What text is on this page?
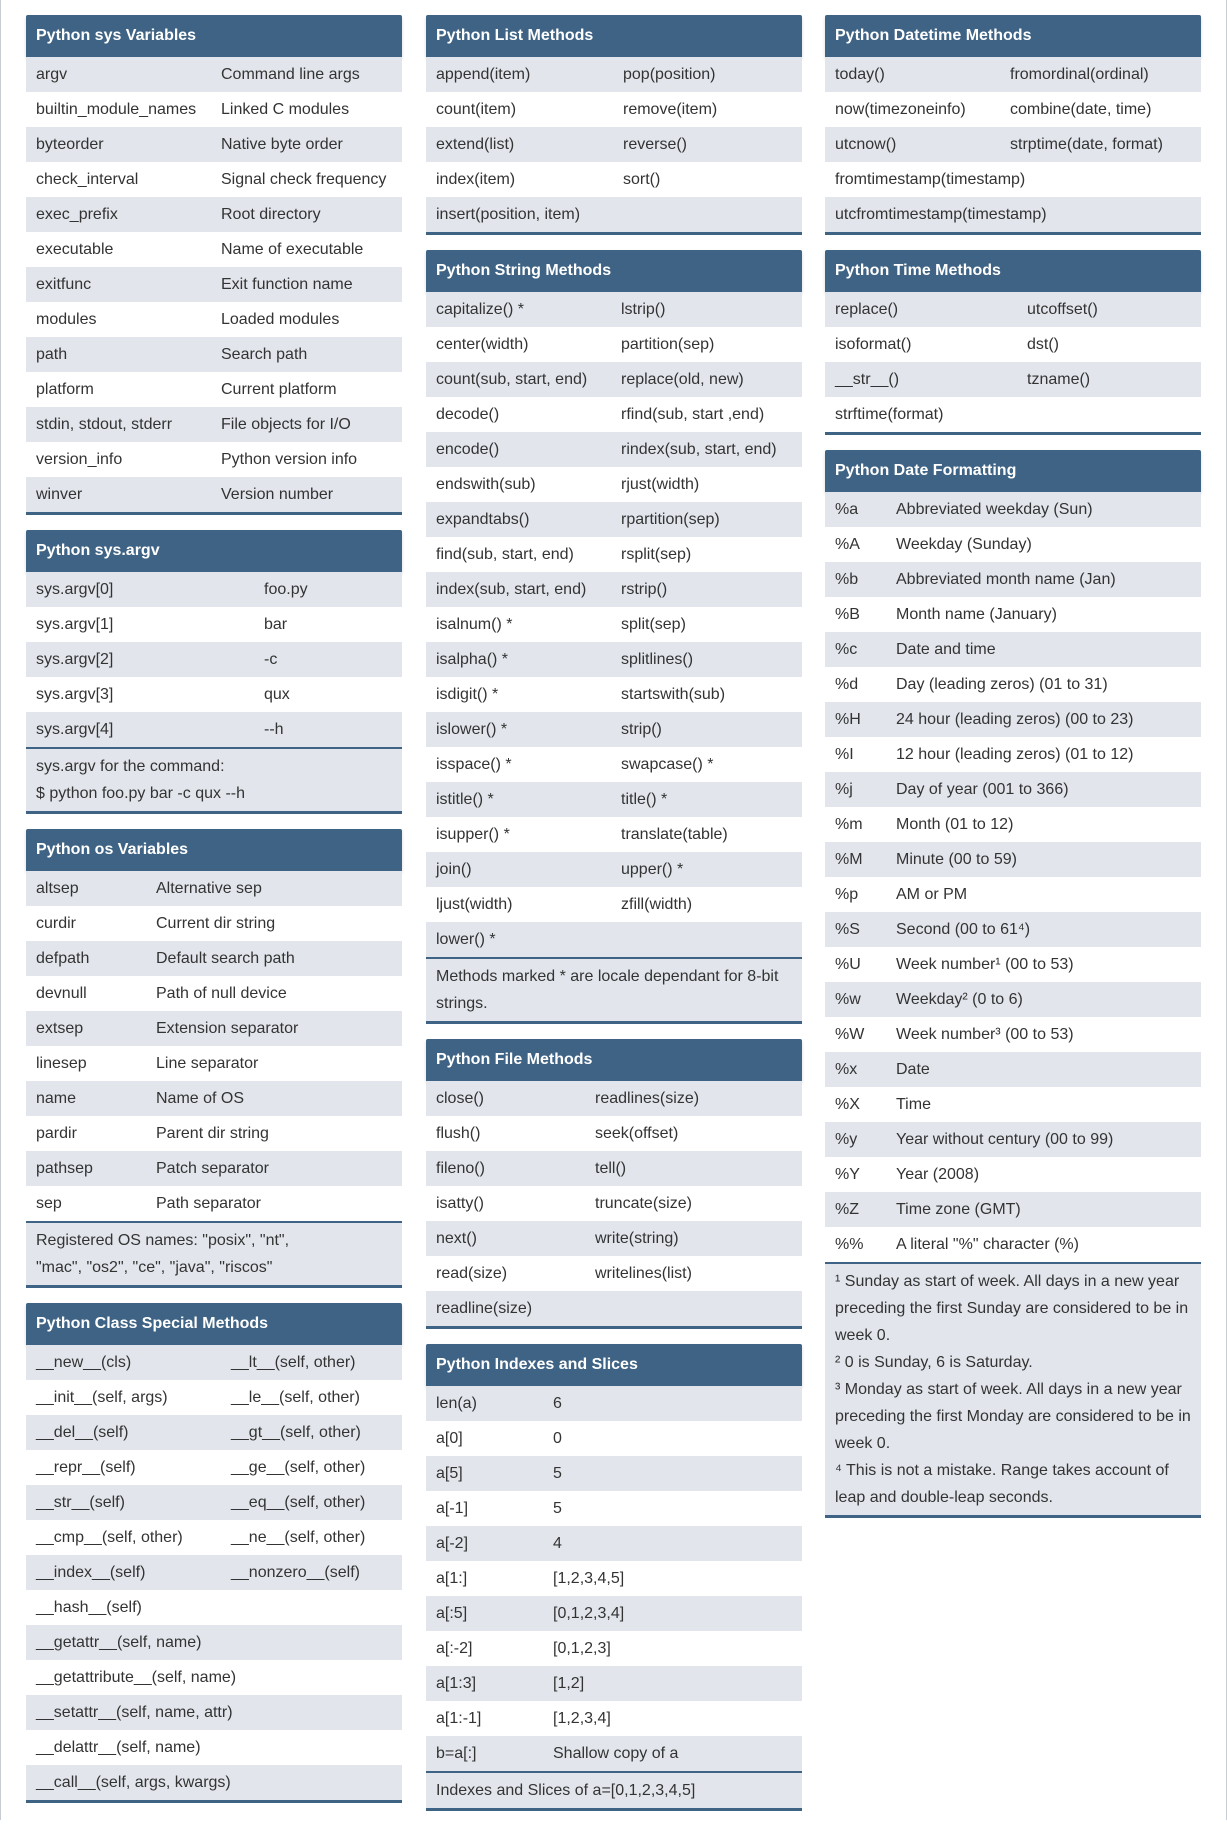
Python sys Variables
argv	Command line args
builtin_module_names	Linked C modules
byteorder	Native byte order
check_interval	Signal check frequency
exec_prefix	Root directory
executable	Name of executable
exitfunc	Exit function name
modules	Loaded modules
path	Search path
platform	Current platform
stdin, stdout, stderr	File objects for I/O
version_info	Python version info
winver	Version number
Python sys.argv
sys.argv[0]	foo.py
sys.argv[1]	bar
sys.argv[2]	-c
sys.argv[3]	qux
sys.argv[4]	--h

sys.argv for the command:

$ python foo.py bar -c qux --h

Python os Variables
altsep	Alternative sep
curdir	Current dir string
defpath	Default search path
devnull	Path of null device
extsep	Extension separator
linesep	Line separator
name	Name of OS
pardir	Parent dir string
pathsep	Patch separator
sep	Path separator

Registered OS names: "posix", "nt",

"mac", "os2", "ce", "java", "riscos"

Python Class Special Methods
__new__(cls)	__lt__(self, other)
__init__(self, args)	__le__(self, other)
__del__(self)	__gt__(self, other)
__repr__(self)	__ge__(self, other)
__str__(self)	__eq__(self, other)
__cmp__(self, other)	__ne__(self, other)
__index__(self)	__nonzero__(self)
__hash__(self)
__getattr__(self, name)
__getattribute__(self, name)
__setattr__(self, name, attr)
__delattr__(self, name)
__call__(self, args, kwargs)
Python List Methods
append(item)	pop(position)
count(item)	remove(item)
extend(list)	reverse()
index(item)	sort()
insert(position, item)
Python String Methods
capitalize() *	lstrip()
center(width)	partition(sep)
count(sub, start, end)	replace(old, new)
decode()	rfind(sub, start ,end)
encode()	rindex(sub, start, end)
endswith(sub)	rjust(width)
expandtabs()	rpartition(sep)
find(sub, start, end)	rsplit(sep)
index(sub, start, end)	rstrip()
isalnum() *	split(sep)
isalpha() *	splitlines()
isdigit() *	startswith(sub)
islower() *	strip()
isspace() *	swapcase() *
istitle() *	title() *
isupper() *	translate(table)
join()	upper() *
ljust(width)	zfill(width)
lower() *

Methods marked * are locale dependant for 8-bit

strings.

Python File Methods
close()	readlines(size)
flush()	seek(offset)
fileno()	tell()
isatty()	truncate(size)
next()	write(string)
read(size)	writelines(list)
readline(size)
Python Indexes and Slices
len(a)	6
a[0]	0
a[5]	5
a[-1]	5
a[-2]	4
a[1:]	[1,2,3,4,5]
a[:5]	[0,1,2,3,4]
a[:-2]	[0,1,2,3]
a[1:3]	[1,2]
a[1:-1]	[1,2,3,4]
b=a[:]	Shallow copy of a

Indexes and Slices of a=[0,1,2,3,4,5]

Python Datetime Methods
today()	fromordinal(ordinal)
now(timezoneinfo)	combine(date, time)
utcnow()	strptime(date, format)
fromtimestamp(timestamp)
utcfromtimestamp(timestamp)
Python Time Methods
replace()	utcoffset()
isoformat()	dst()
__str__()	tzname()
strftime(format)
Python Date Formatting
%a	Abbreviated weekday (Sun)
%A	Weekday (Sunday)
%b	Abbreviated month name (Jan)
%B	Month name (January)
%c	Date and time
%d	Day (leading zeros) (01 to 31)
%H	24 hour (leading zeros) (00 to 23)
%I	12 hour (leading zeros) (01 to 12)
%j	Day of year (001 to 366)
%m	Month (01 to 12)
%M	Minute (00 to 59)
%p	AM or PM
%S	Second (00 to 61⁴)
%U	Week number¹ (00 to 53)
%w	Weekday² (0 to 6)
%W	Week number³ (00 to 53)
%x	Date
%X	Time
%y	Year without century (00 to 99)
%Y	Year (2008)
%Z	Time zone (GMT)
%%	A literal "%" character (%)

¹ Sunday as start of week. All days in a new year preceding the first Sunday are considered to be in week 0.

² 0 is Sunday, 6 is Saturday.

³ Monday as start of week. All days in a new year preceding the first Monday are considered to be in week 0.

⁴ This is not a mistake. Range takes account of leap and double-leap seconds.
